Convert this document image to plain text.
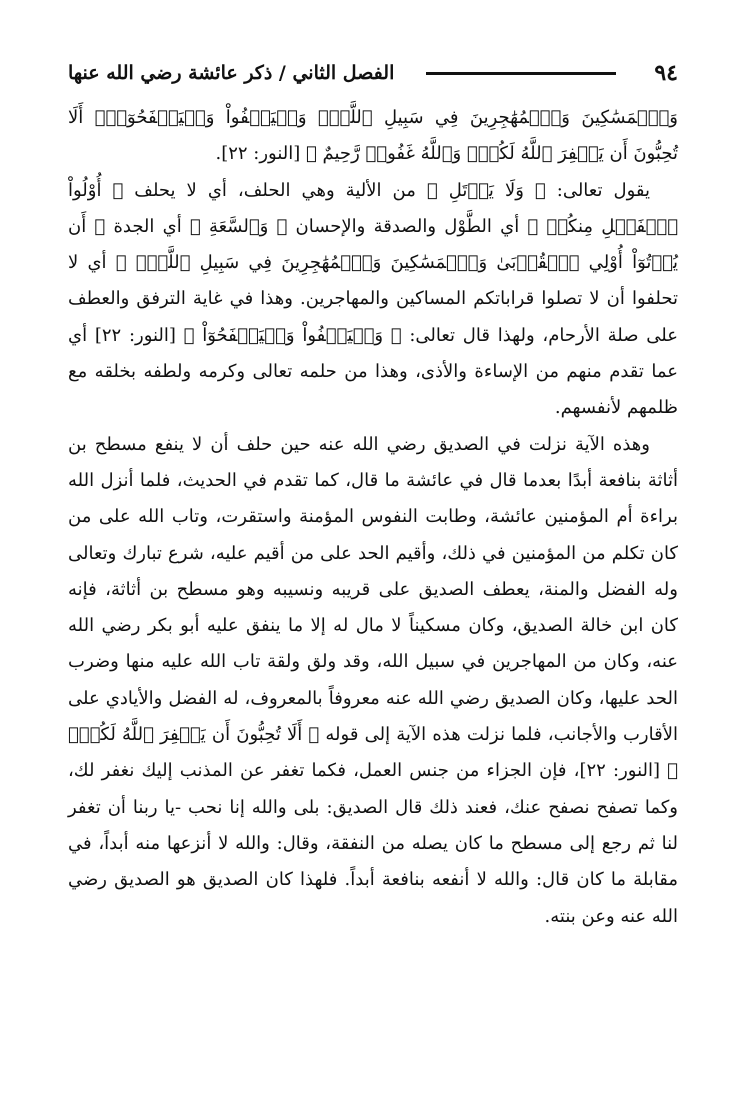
٩٤
الفصل الثاني / ذكر عائشة رضي الله عنها

وَٱلۡمَسَٰكِينَ وَٱلۡمُهَٰجِرِينَ فِي سَبِيلِ ٱللَّهِۖ وَلۡيَعۡفُواْ وَلۡيَصۡفَحُوٓاْۗ أَلَا تُحِبُّونَ أَن يَغۡفِرَ ٱللَّهُ لَكُمۡۚ وَٱللَّهُ غَفُورٞ رَّحِيمٌ ﴾ [النور: ٢٢].

يقول تعالى: ﴿ وَلَا يَأۡتَلِ ﴾ من الألية وهي الحلف، أي لا يحلف ﴿ أُوْلُواْ ٱلۡفَضۡلِ مِنكُمۡ ﴾ أي الطَّوْل والصدقة والإحسان ﴿ وَٱلسَّعَةِ ﴾ أي الجدة ﴿ أَن يُؤۡتُوٓاْ أُوْلِي ٱلۡقُرۡبَىٰ وَٱلۡمَسَٰكِينَ وَٱلۡمُهَٰجِرِينَ فِي سَبِيلِ ٱللَّهِۖ ﴾ أي لا تحلفوا أن لا تصلوا قراباتكم المساكين والمهاجرين. وهذا في غاية الترفق والعطف على صلة الأرحام، ولهذا قال تعالى: ﴿ وَلۡيَعۡفُواْ وَلۡيَصۡفَحُوٓاْ ﴾ [النور: ٢٢] أي عما تقدم منهم من الإساءة والأذى، وهذا من حلمه تعالى وكرمه ولطفه بخلقه مع ظلمهم لأنفسهم.

وهذه الآية نزلت في الصديق رضي الله عنه حين حلف أن لا ينفع مسطح بن أثاثة بنافعة أبدًا بعدما قال في عائشة ما قال، كما تقدم في الحديث، فلما أنزل الله براءة أم المؤمنين عائشة، وطابت النفوس المؤمنة واستقرت، وتاب الله على من كان تكلم من المؤمنين في ذلك، وأقيم الحد على من أقيم عليه، شرع تبارك وتعالى وله الفضل والمنة، يعطف الصديق على قريبه ونسيبه وهو مسطح بن أثاثة، فإنه كان ابن خالة الصديق، وكان مسكيناً لا مال له إلا ما ينفق عليه أبو بكر رضي الله عنه، وكان من المهاجرين في سبيل الله، وقد ولق ولقة تاب الله عليه منها وضرب الحد عليها، وكان الصديق رضي الله عنه معروفاً بالمعروف، له الفضل والأيادي على الأقارب والأجانب، فلما نزلت هذه الآية إلى قوله ﴿ أَلَا تُحِبُّونَ أَن يَغۡفِرَ ٱللَّهُ لَكُمۡۚ ﴾ [النور: ٢٢]، فإن الجزاء من جنس العمل، فكما تغفر عن المذنب إليك نغفر لك، وكما تصفح نصفح عنك، فعند ذلك قال الصديق: بلى والله إنا نحب -يا ربنا أن تغفر لنا ثم رجع إلى مسطح ما كان يصله من النفقة، وقال: والله لا أنزعها منه أبداً، في مقابلة ما كان قال: والله لا أنفعه بنافعة أبداً. فلهذا كان الصديق هو الصديق رضي الله عنه وعن بنته.
